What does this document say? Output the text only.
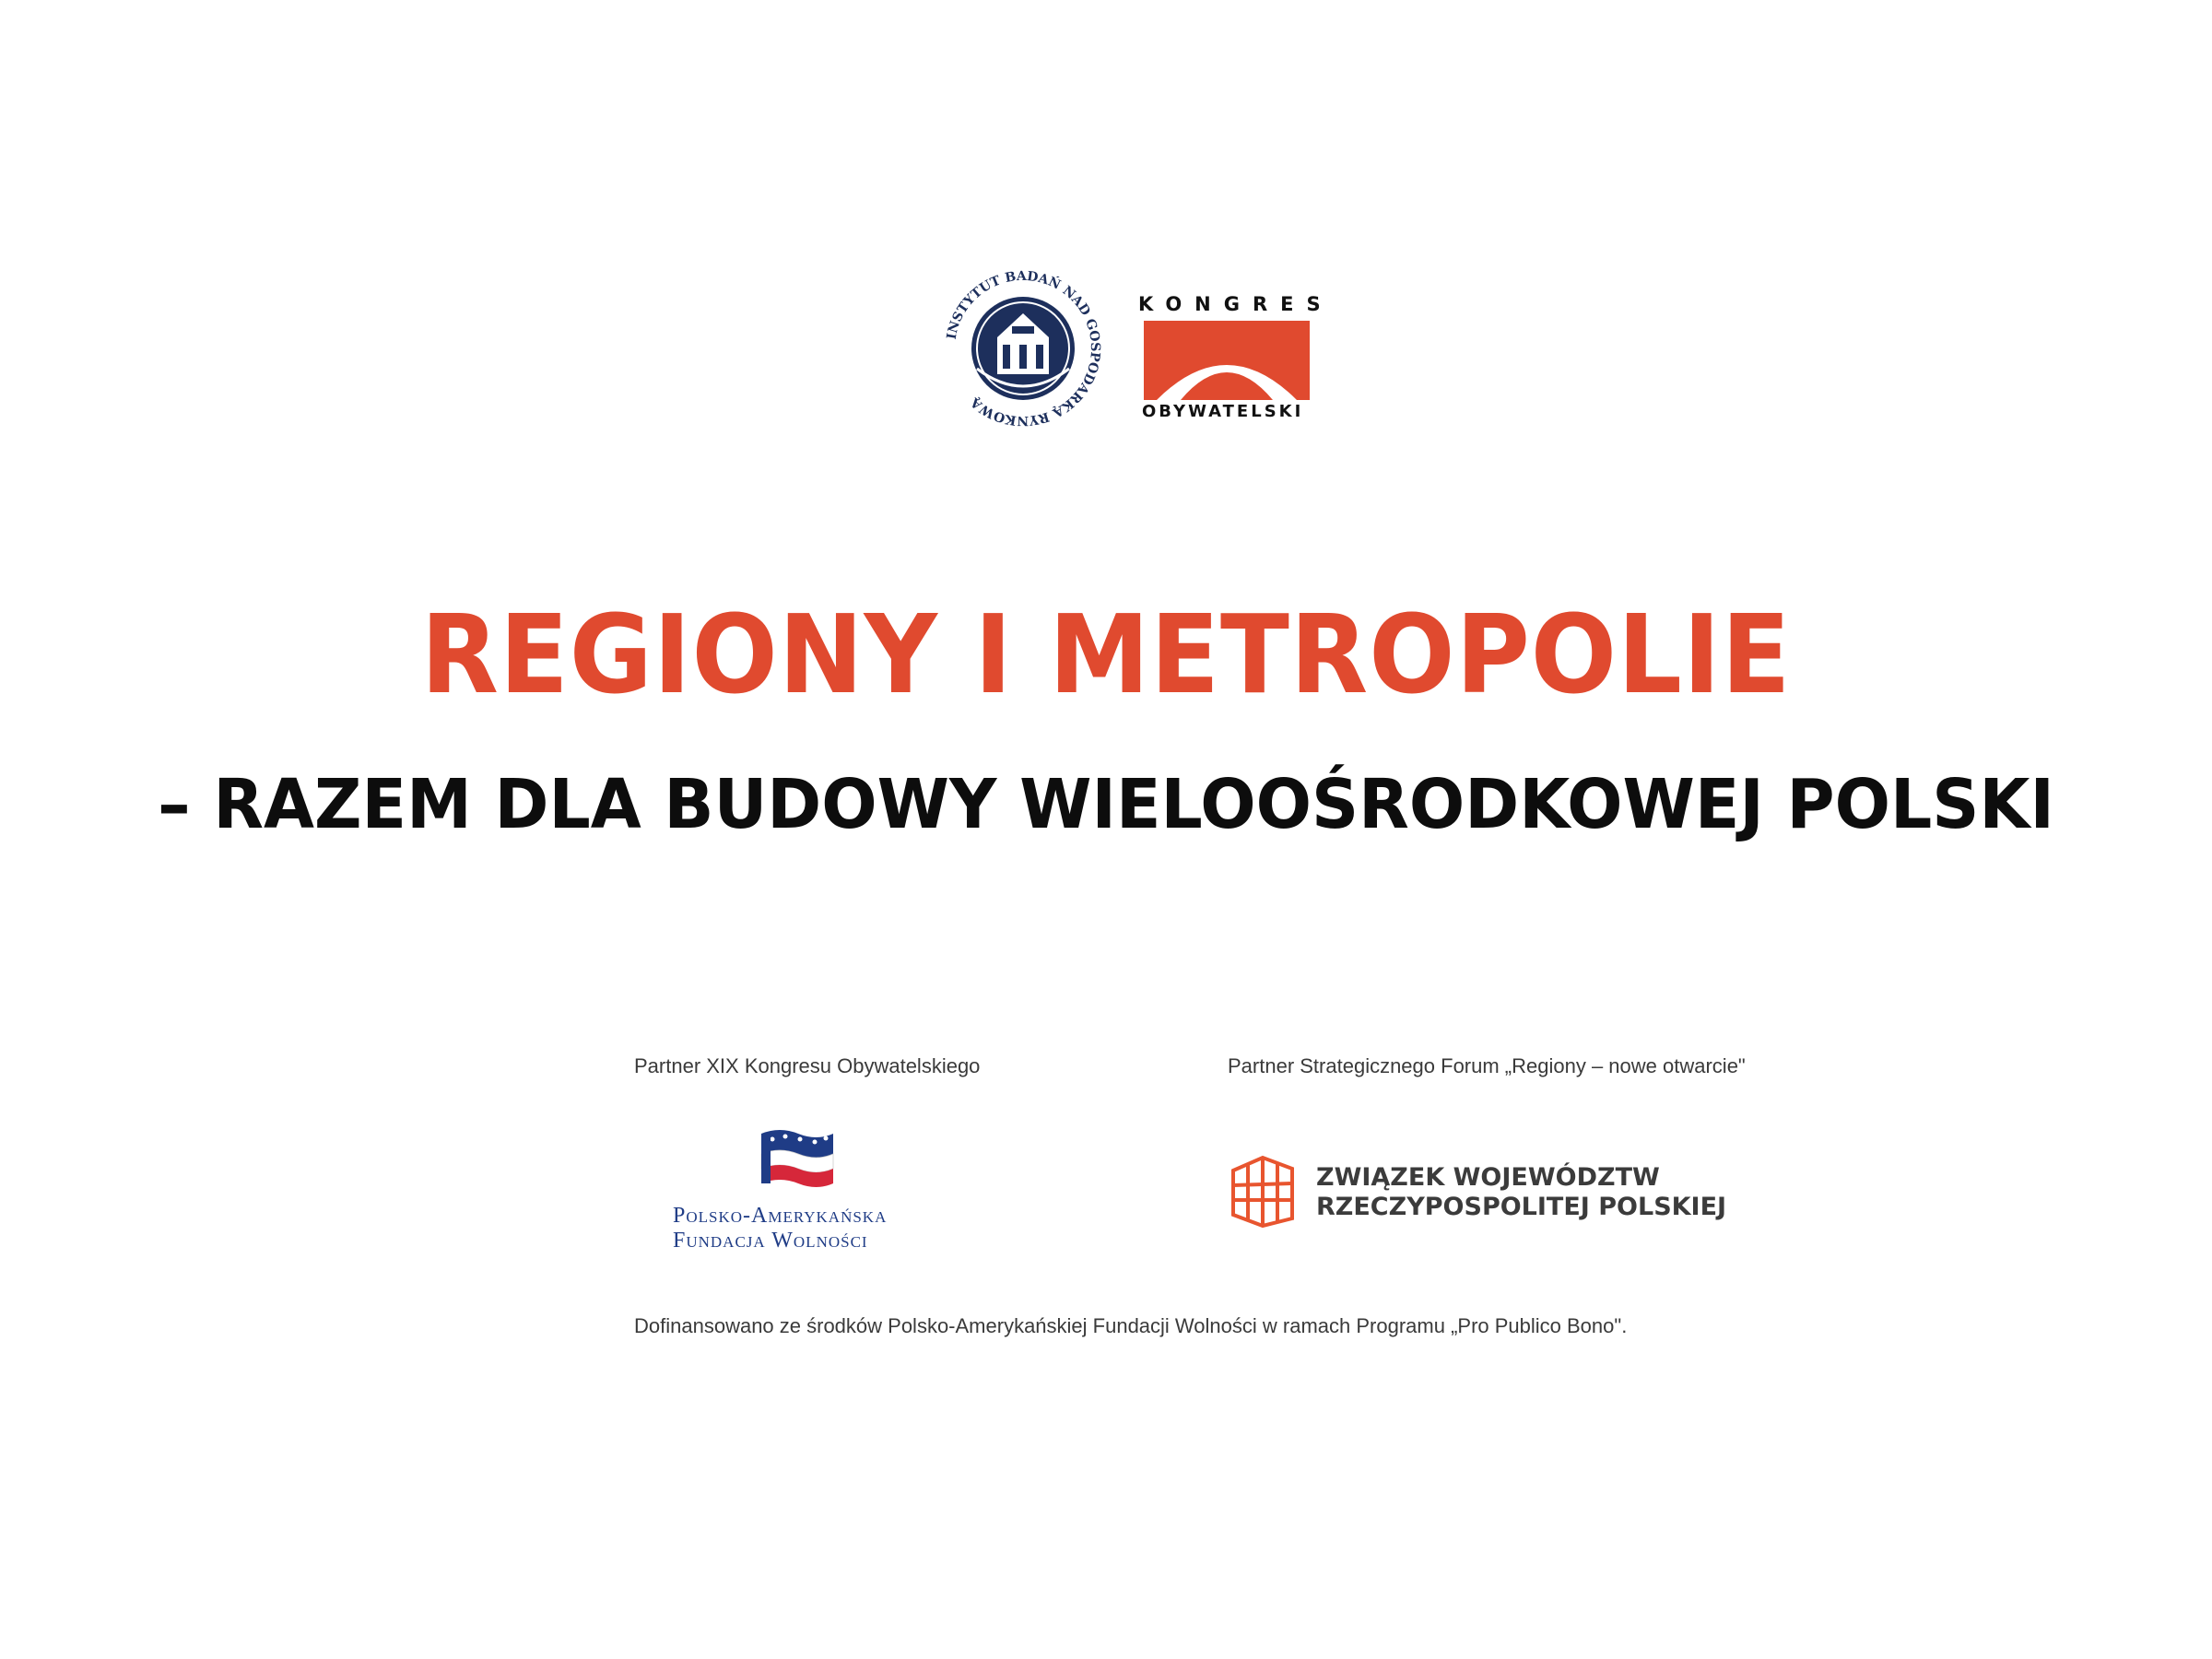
INSTYTUT BADAŃ NAD GOSPODARKĄ RYNKOWĄ
KONGRES
OBYWATELSKI
REGIONY I METROPOLIE
– RAZEM DLA BUDOWY WIELOOŚRODKOWEJ POLSKI
Partner XIX Kongresu Obywatelskiego	Partner Strategicznego Forum „Regiony – nowe otwarcie"
Polsko-Amerykańska
Fundacja Wolności
ZWIĄZEK WOJEWÓDZTW
RZECZYPOSPOLITEJ POLSKIEJ
Dofinansowano ze środków Polsko-Amerykańskiej Fundacji Wolności w ramach Programu „Pro Publico Bono".
